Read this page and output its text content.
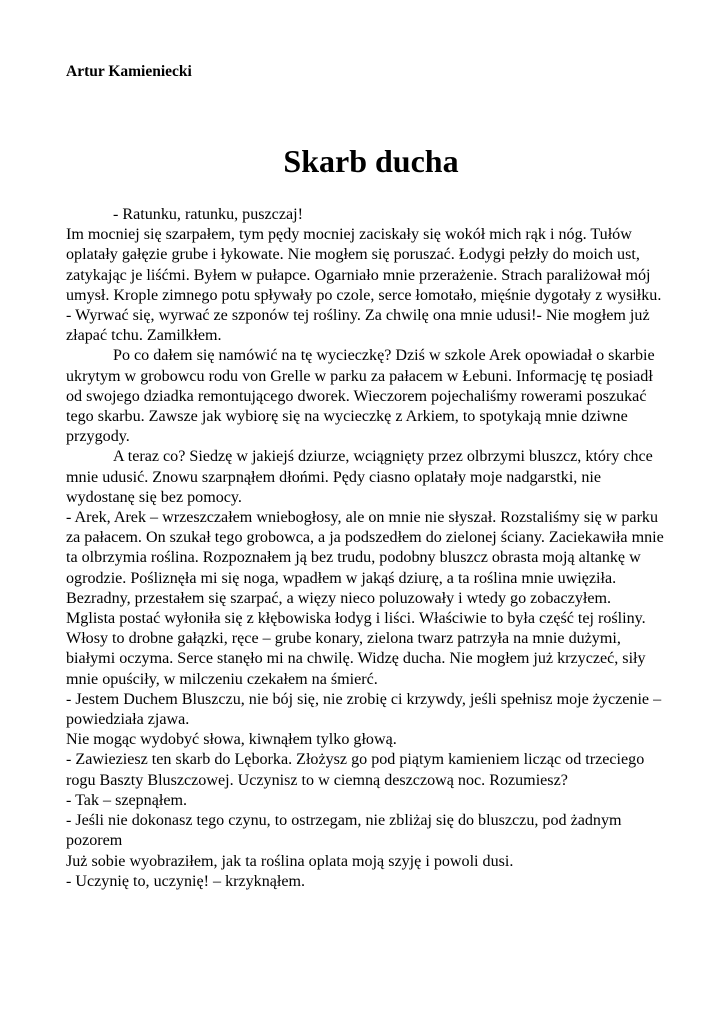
Artur Kamieniecki

Skarb ducha

- Ratunku, ratunku, puszczaj!

Im mocniej się szarpałem, tym pędy mocniej zaciskały się wokół mich rąk i nóg. Tułów oplatały gałęzie grube i łykowate. Nie mogłem się poruszać. Łodygi pełzły do moich ust, zatykając je liśćmi. Byłem w pułapce. Ogarniało mnie przerażenie. Strach paraliżował mój umysł. Krople zimnego potu spływały po czole, serce łomotało, mięśnie dygotały z wysiłku.

- Wyrwać się, wyrwać ze szponów tej rośliny. Za chwilę ona mnie udusi!- Nie mogłem już złapać tchu. Zamilkłem.

Po co dałem się namówić na tę wycieczkę? Dziś w szkole Arek opowiadał o skarbie ukrytym w grobowcu rodu von Grelle w parku za pałacem w Łebuni. Informację tę posiadł od swojego dziadka remontującego dworek. Wieczorem pojechaliśmy rowerami poszukać tego skarbu. Zawsze jak wybiorę się na wycieczkę z Arkiem, to spotykają mnie dziwne przygody.

A teraz co? Siedzę w jakiejś dziurze, wciągnięty przez olbrzymi bluszcz, który chce mnie udusić. Znowu szarpnąłem dłońmi. Pędy ciasno oplatały moje nadgarstki, nie wydostanę się bez pomocy.

- Arek, Arek – wrzeszczałem wniebogłosy, ale on mnie nie słyszał. Rozstaliśmy się w parku za pałacem. On szukał tego grobowca, a ja podszedłem do zielonej ściany. Zaciekawiła mnie ta olbrzymia roślina. Rozpoznałem ją bez trudu, podobny bluszcz obrasta moją altankę w ogrodzie. Pośliznęła mi się noga, wpadłem w jakąś dziurę, a ta roślina mnie uwięziła. Bezradny, przestałem się szarpać, a więzy nieco poluzowały i wtedy go zobaczyłem.

Mglista postać wyłoniła się z kłębowiska łodyg i liści. Właściwie to była część tej rośliny. Włosy to drobne gałązki, ręce – grube konary, zielona twarz patrzyła na mnie dużymi, białymi oczyma. Serce stanęło mi na chwilę. Widzę ducha. Nie mogłem już krzyczeć, siły mnie opuściły, w milczeniu czekałem na śmierć.

- Jestem Duchem Bluszczu, nie bój się, nie zrobię ci krzywdy, jeśli spełnisz moje życzenie – powiedziała zjawa.

Nie mogąc wydobyć słowa, kiwnąłem tylko głową.

- Zawieziesz ten skarb do Lęborka. Złożysz go pod piątym kamieniem licząc od trzeciego rogu Baszty Bluszczowej. Uczynisz to w ciemną deszczową noc. Rozumiesz?

- Tak – szepnąłem.

- Jeśli nie dokonasz tego czynu, to ostrzegam, nie zbliżaj się do bluszczu, pod żadnym pozorem

Już sobie wyobraziłem, jak ta roślina oplata moją szyję i powoli dusi.

- Uczynię to, uczynię! – krzyknąłem.
